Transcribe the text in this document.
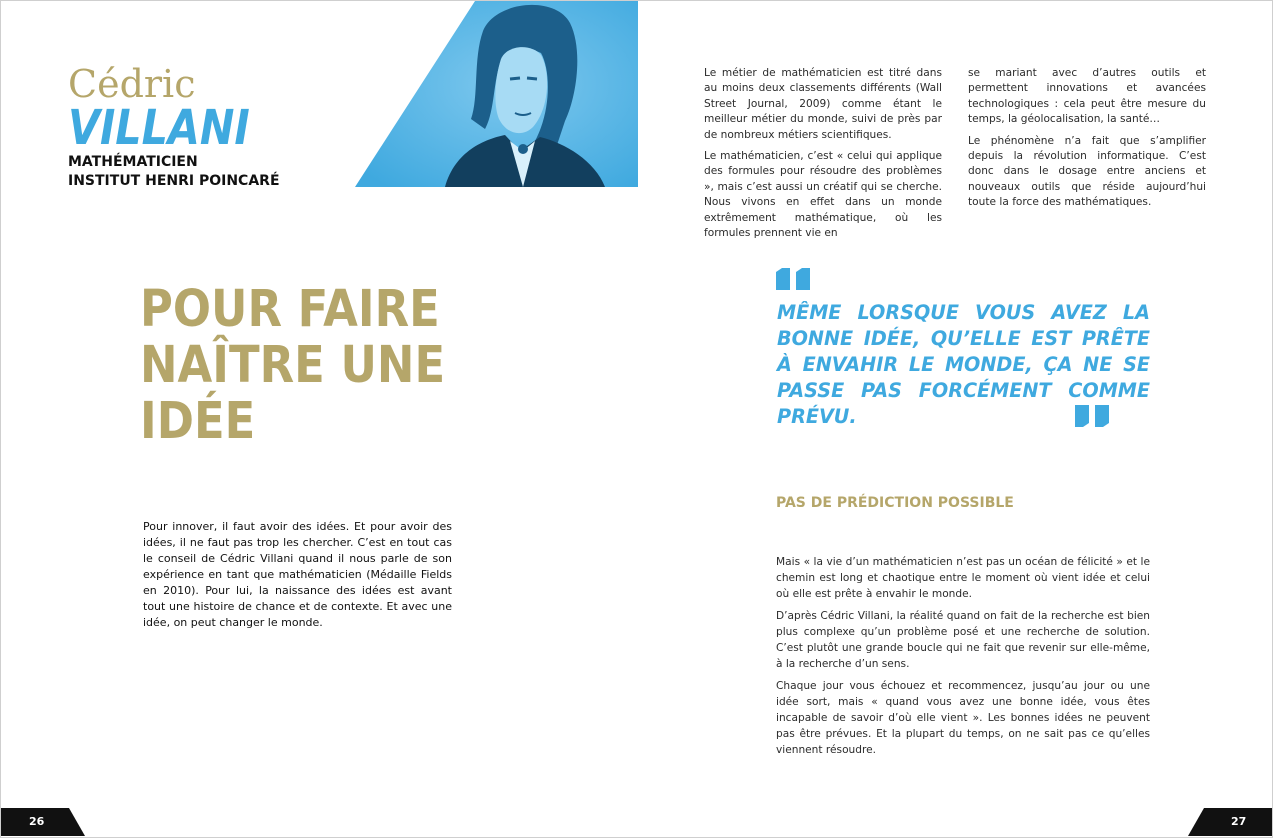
Cédric
VILLANI
MATHÉMATICIEN
INSTITUT HENRI POINCARÉ

Le métier de mathématicien est titré dans au moins deux classements différents (Wall Street Journal, 2009) comme étant le meilleur métier du monde, suivi de près par de nombreux métiers scientifiques.

Le mathématicien, c’est « celui qui applique des formules pour résoudre des problèmes », mais c’est aussi un créatif qui se cherche. Nous vivons en effet dans un monde extrêmement mathématique, où les formules prennent vie en

se mariant avec d’autres outils et permettent innovations et avancées technologiques : cela peut être mesure du temps, la géolocalisation, la santé…

Le phénomène n’a fait que s’amplifier depuis la révolution informatique. C’est donc dans le dosage entre anciens et nouveaux outils que réside aujourd’hui toute la force des mathématiques.

POUR FAIRE
NAÎTRE UNE
IDÉE
Pour innover, il faut avoir des idées. Et pour avoir des idées, il ne faut pas trop les chercher. C’est en tout cas le conseil de Cédric Villani quand il nous parle de son expérience en tant que mathématicien (Médaille Fields en 2010). Pour lui, la naissance des idées est avant tout une histoire de chance et de contexte. Et avec une idée, on peut changer le monde.
MÊME LORSQUE VOUS AVEZ LA BONNE IDÉE, QU’ELLE EST PRÊTE À ENVAHIR LE MONDE, ÇA NE SE PASSE PAS FORCÉMENT COMME PRÉVU.
PAS DE PRÉDICTION POSSIBLE

Mais « la vie d’un mathématicien n’est pas un océan de félicité » et le chemin est long et chaotique entre le moment où vient idée et celui où elle est prête à envahir le monde.

D’après Cédric Villani, la réalité quand on fait de la recherche est bien plus complexe qu’un problème posé et une recherche de solution. C’est plutôt une grande boucle qui ne fait que revenir sur elle-même, à la recherche d’un sens.

Chaque jour vous échouez et recommencez, jusqu’au jour ou une idée sort, mais « quand vous avez une bonne idée, vous êtes incapable de savoir d’où elle vient ». Les bonnes idées ne peuvent pas être prévues. Et la plupart du temps, on ne sait pas ce qu’elles viennent résoudre.

26	27
